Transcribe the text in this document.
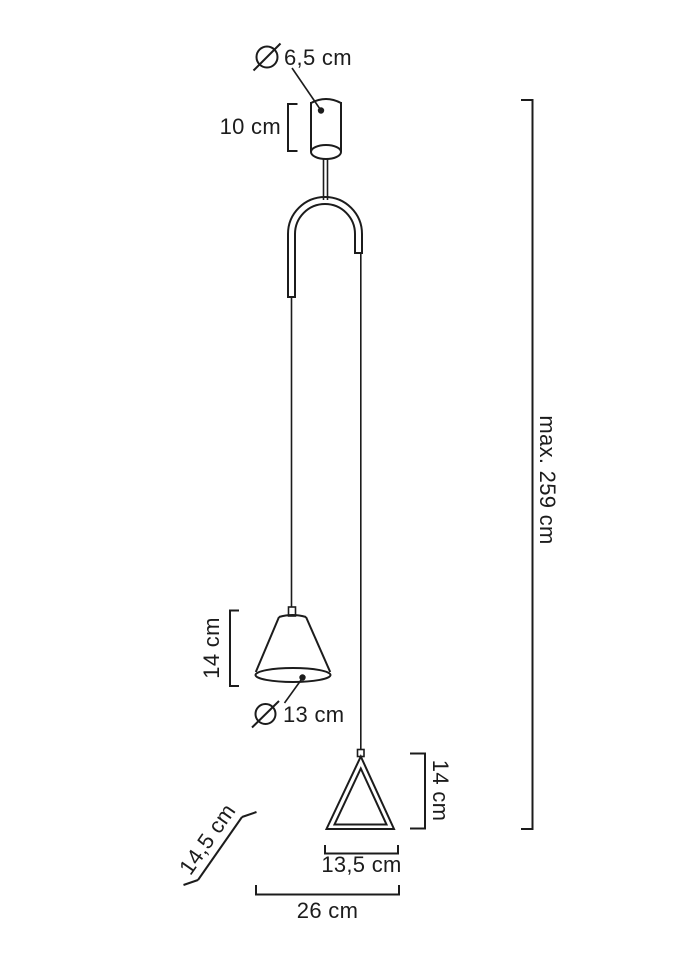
6,5 cm
10 cm
max. 259 cm
14 cm
13 cm
14 cm
13,5 cm
14,5 cm
26 cm
